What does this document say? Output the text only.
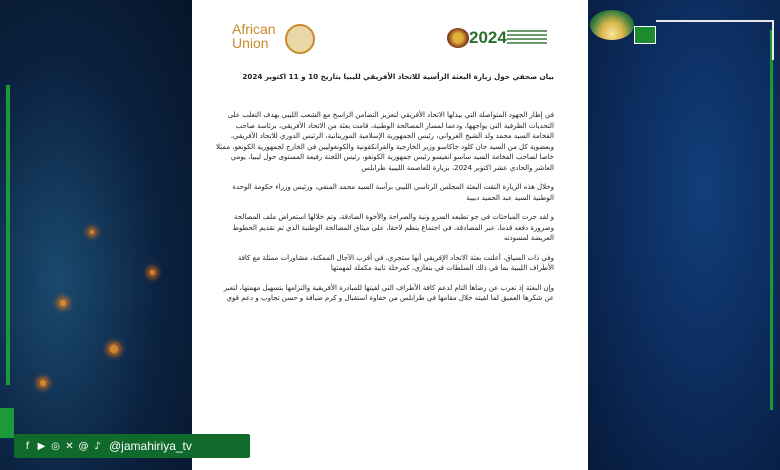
African
Union	2024
بيان صحفي حول زيارة البعثة الرأسية للاتحاد الأفريقي لليبيا بتاريخ 10 و 11 اكتوبر 2024

في إطار الجهود المتواصلة التي يبذلها الاتحاد الأفريقي لتعزيز التضامن الراسخ مع الشعب الليبي بهدف التغلب على التحديات الظرفية التي يواجهها، ودعما لمسار المصالحة الوطنية، قامت بعثة من الاتحاد الأفريقي، برئاسة صاحب الفخامة السيد محمد ولد الشيخ الغزواني، رئيس الجمهورية الإسلامية الموريتانية، الرئيس الدوري للاتحاد الأفريقي، وبعضوية كل من السيد جان كلود جاكاسو وزير الخارجية والفرانكفونية والكونغوليين في الخارج لجمهورية الكونغو، ممثلا خاصا لصاحب الفخامة السيد ساسو انغيسو رئيس جمهورية الكونغو، رئيس اللجنة رفيعة المستوى حول ليبيا، يومي العاشر والحادي عشر اكتوبر 2024، بزيارة للعاصمة الليبية طرابلس

وخلال هذه الزيارة التقت البعثة المجلس الرئاسي الليبي برأسة السيد محمد المنفي، ورئيس وزراء حكومة الوحدة الوطنية السيد عبد الحميد دبيبة

و لقد جرت المباحثات في جو تطبعه السرو ونية والصراحة والأخوة الصادقة، وتم خلالها استعراض ملف المصالحة وضرورة دفعه قدما، عبر المصادقة، في اجتماع ينظم لاحقا، على ميثاق المصالحة الوطنية الذي تم تقديم الخطوط العريضة لمسودته

وفي ذات السياق، أعلنت بعثة الاتحاد الإفريقي أنها ستجري، في أقرب الآجال الممكنة، مشاورات ممثلة مع كافة الأطراف الليبية بما في ذلك السلطات في بنغازي، كمرحلة ثانية مكملة لمهمتها

وإن البعثة إذ تعرب عن رضاها التام لدعم كافة الأطراف التي لقيتها للمبادرة الأفريقية والتزامها بتسهيل مهمتها، لتعبر عن شكرها العميق لما لقيته خلال مقامها في طرابلس من حفاوة استقبال و كرم ضيافة و حسن تجاوب و دعم قوي

f ▶ ◎ ✕ @ ♪ @jamahiriya_tv
